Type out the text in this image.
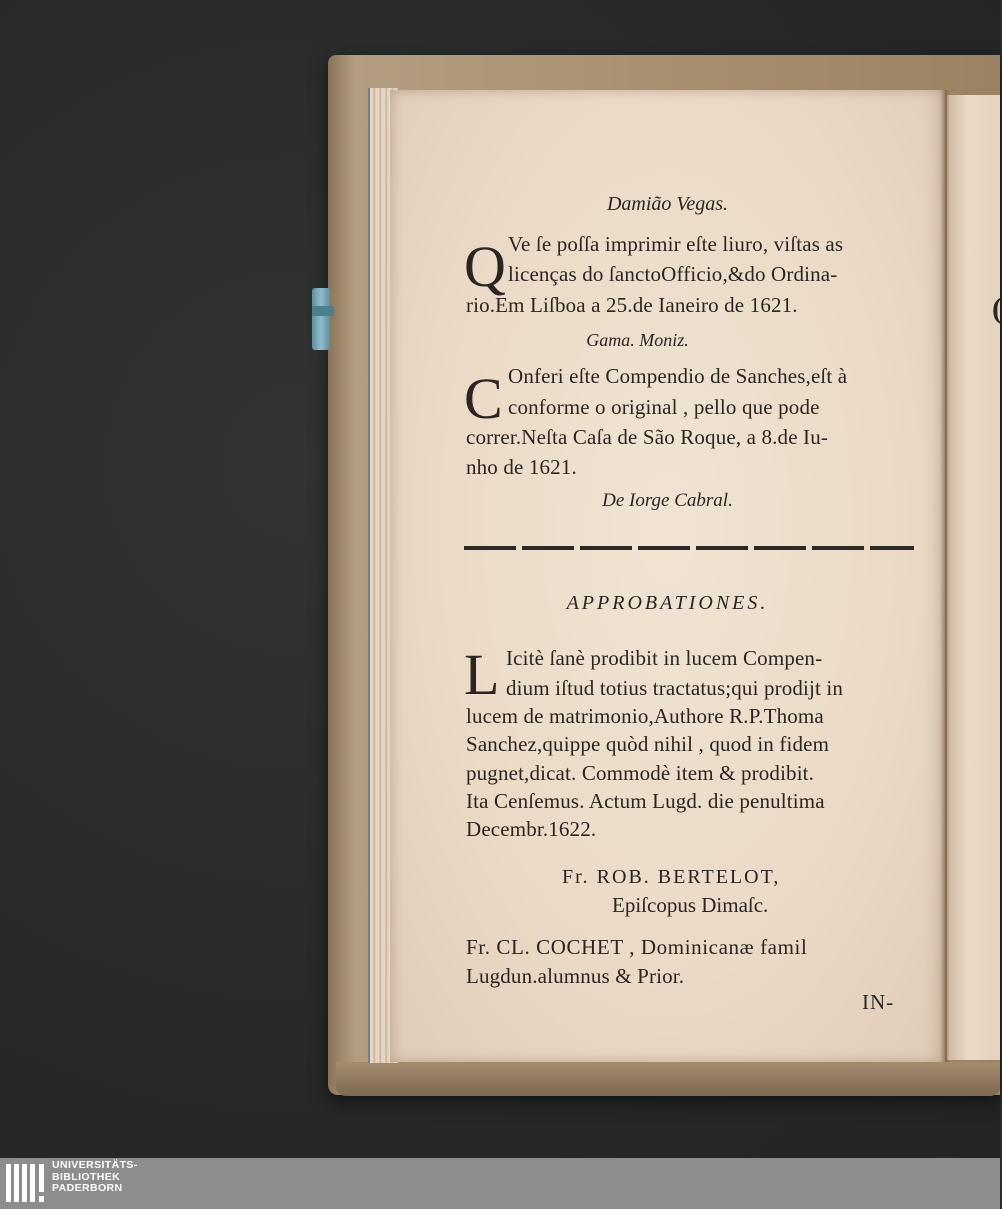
(
Damião Vegas.
Q Ve ſe poſſa imprimir eſte liuro, viſtas as
licenças do ſanctoOfficio,&do Ordina-
rio.Em Liſboa a 25.de Ianeiro de 1621.
Gama. Moniz.
C Onferi eſte Compendio de Sanches,eſt à
conforme o original , pello que pode
correr.Neſta Caſa de São Roque, a 8.de Iu-
nho de 1621.
De Iorge Cabral.
APPROBATIONES.
L Icitè ſanè prodibit in lucem Compen-
dium iſtud totius tractatus;qui prodijt in
lucem de matrimonio,Authore R.P.Thoma
Sanchez,quippe quòd nihil , quod in fidem
pugnet,dicat. Commodè item & prodibit.
Ita Cenſemus. Actum Lugd. die penultima
Decembr.1622.
Fr. ROB. BERTELOT,
Epiſcopus Dimaſc.
Fr. CL. COCHET , Dominicanæ famil
Lugdun.alumnus & Prior.
IN-
UNIVERSITÄTS-
BIBLIOTHEK
PADERBORN
